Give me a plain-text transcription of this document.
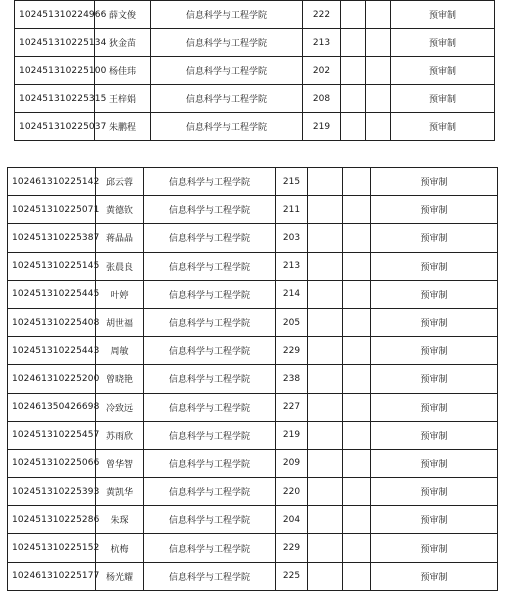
102451310224966	薛文俊	信息科学与工程学院	222			预审制
102451310225134	狄金苗	信息科学与工程学院	213			预审制
102451310225100	杨佳玮	信息科学与工程学院	202			预审制
102451310225315	王梓娟	信息科学与工程学院	208			预审制
102451310225037	朱鹏程	信息科学与工程学院	219			预审制
102461310225142	邱云蓉	信息科学与工程学院	215			预审制
102451310225071	黄德钦	信息科学与工程学院	211			预审制
102451310225387	蒋晶晶	信息科学与工程学院	203			预审制
102451310225145	张晨良	信息科学与工程学院	213			预审制
102451310225445	叶婷	信息科学与工程学院	214			预审制
102451310225408	胡世福	信息科学与工程学院	205			预审制
102451310225443	周敏	信息科学与工程学院	229			预审制
102461310225200	曾晓艳	信息科学与工程学院	238			预审制
102461350426698	冷致远	信息科学与工程学院	227			预审制
102451310225457	苏雨欣	信息科学与工程学院	219			预审制
102451310225066	曾华智	信息科学与工程学院	209			预审制
102451310225393	黄凯华	信息科学与工程学院	220			预审制
102451310225286	朱琛	信息科学与工程学院	204			预审制
102451310225152	杭梅	信息科学与工程学院	229			预审制
102461310225177	杨光耀	信息科学与工程学院	225			预审制
